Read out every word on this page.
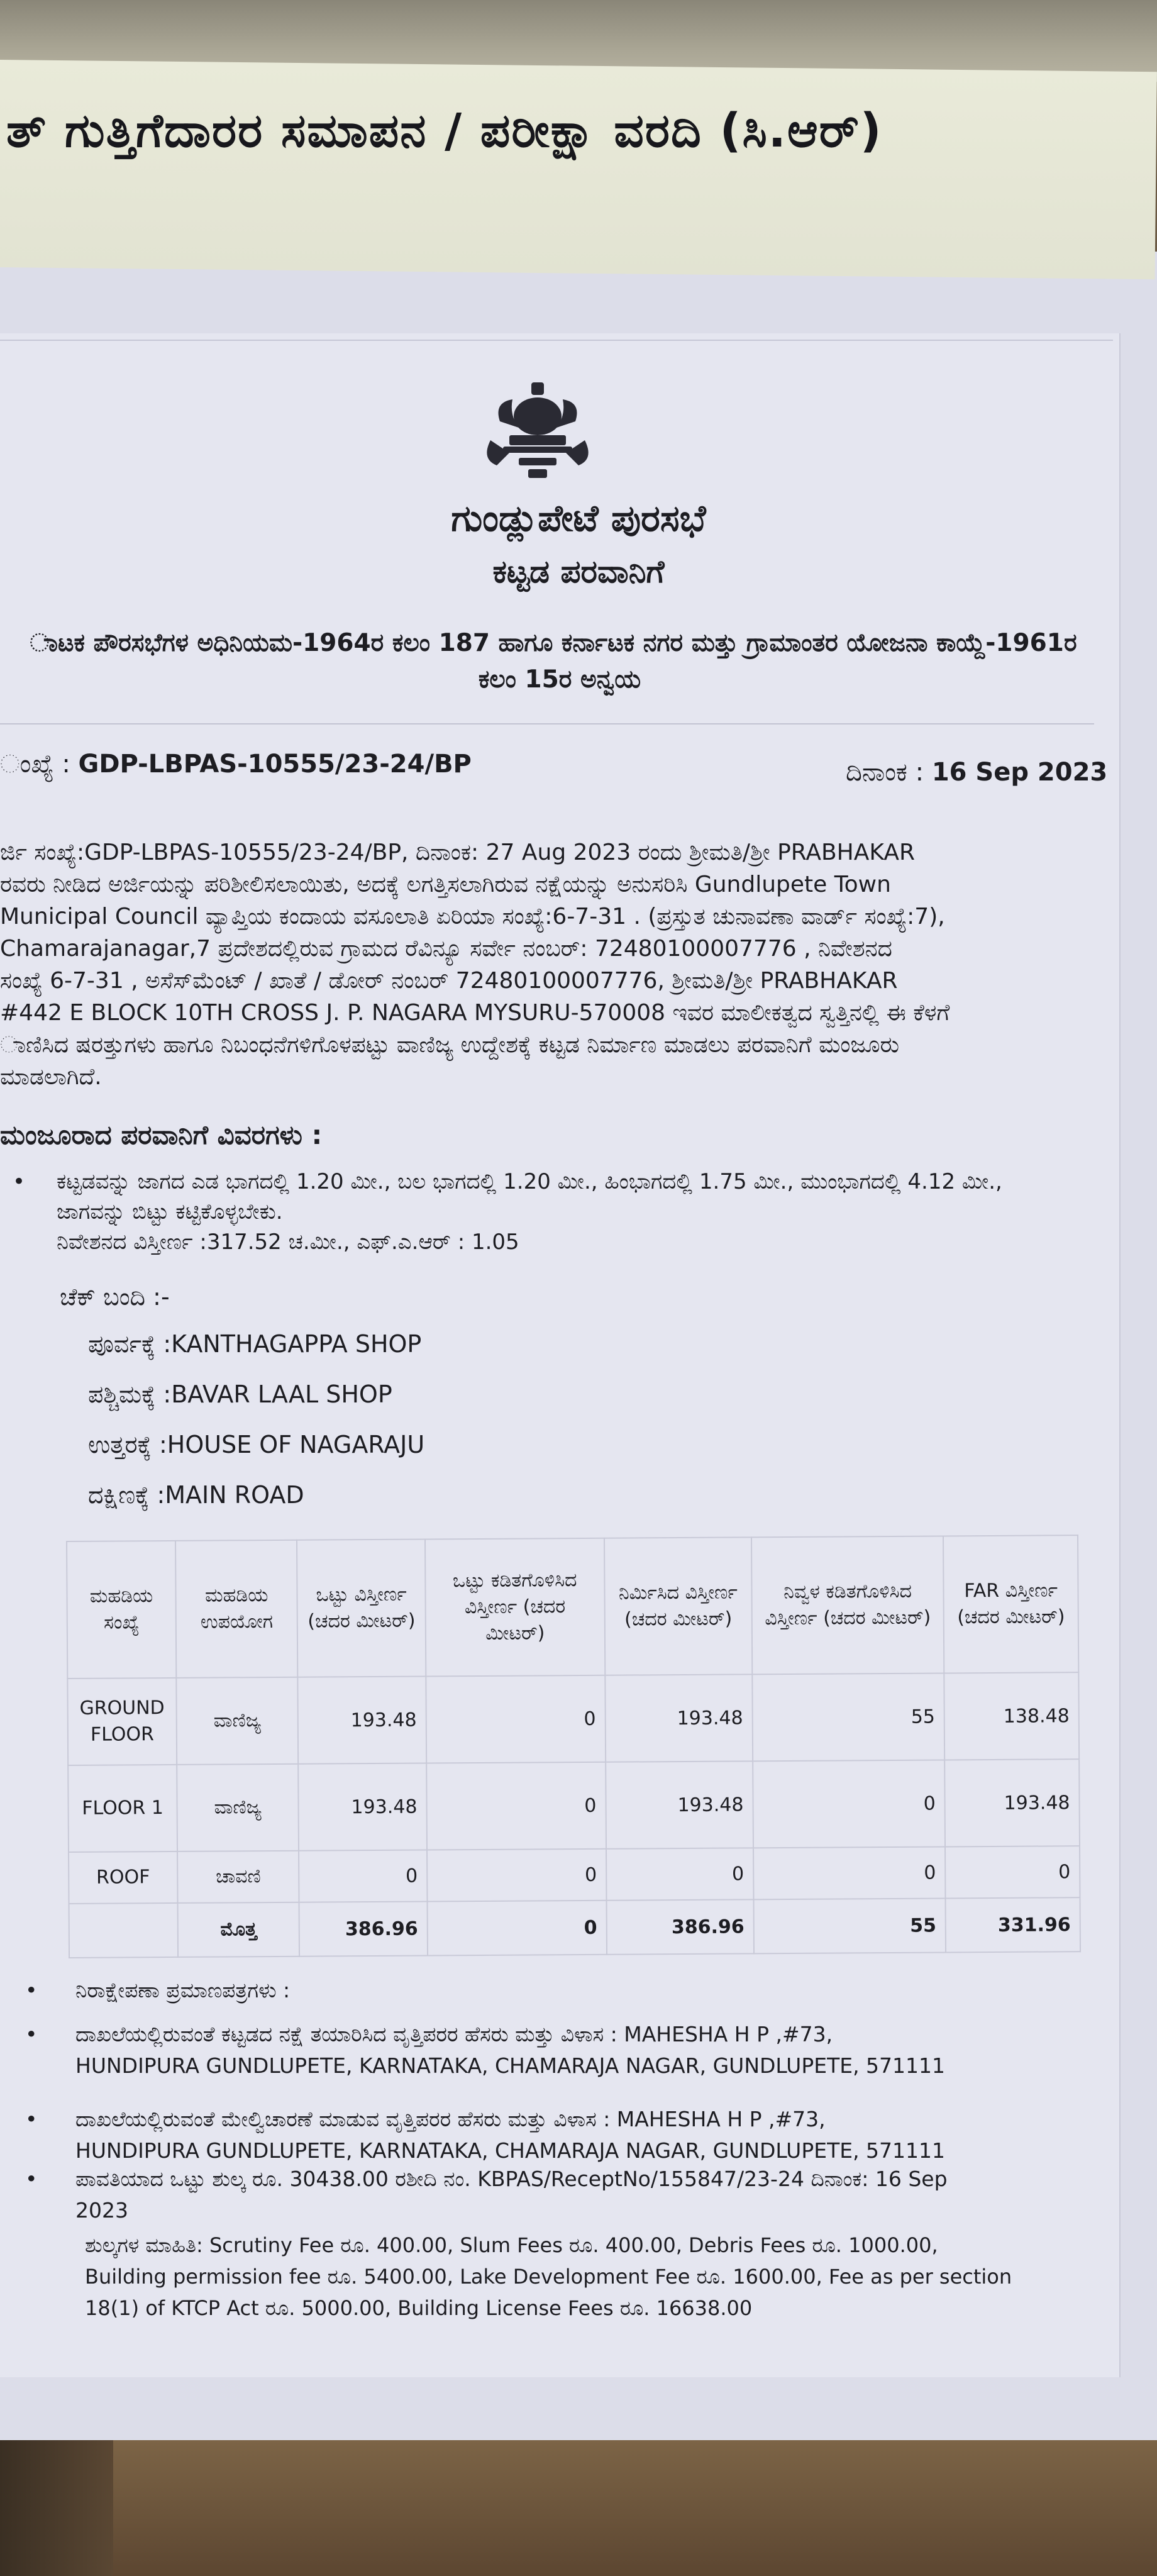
ತ್ ಗುತ್ತಿಗೆದಾರರ ಸಮಾಪನ / ಪರೀಕ್ಷಾ ವರದಿ (ಸಿ.ಆರ್)
ಗುಂಡ್ಲುಪೇಟೆ ಪುರಸಭೆ
ಕಟ್ಟಡ ಪರವಾನಿಗೆ
ಾಟಕ ಪೌರಸಭೆಗಳ ಅಧಿನಿಯಮ-1964ರ ಕಲಂ 187 ಹಾಗೂ ಕರ್ನಾಟಕ ನಗರ ಮತ್ತು ಗ್ರಾಮಾಂತರ ಯೋಜನಾ ಕಾಯ್ದೆ-1961ರ
ಕಲಂ 15ರ ಅನ್ವಯ
ಂಖ್ಯೆ : GDP-LBPAS-10555/23-24/BP	ದಿನಾಂಕ : 16 Sep 2023
ರ್ಜಿ ಸಂಖ್ಯೆ:GDP-LBPAS-10555/23-24/BP, ದಿನಾಂಕ: 27 Aug 2023 ರಂದು ಶ್ರೀಮತಿ/ಶ್ರೀ PRABHAKAR
ರವರು ನೀಡಿದ ಅರ್ಜಿಯನ್ನು ಪರಿಶೀಲಿಸಲಾಯಿತು, ಅದಕ್ಕೆ ಲಗತ್ತಿಸಲಾಗಿರುವ ನಕ್ಷೆಯನ್ನು ಅನುಸರಿಸಿ Gundlupete Town
Municipal Council ವ್ಯಾಪ್ತಿಯ ಕಂದಾಯ ವಸೂಲಾತಿ ಏರಿಯಾ ಸಂಖ್ಯೆ:6-7-31 . (ಪ್ರಸ್ತುತ ಚುನಾವಣಾ ವಾರ್ಡ್ ಸಂಖ್ಯೆ:7),
Chamarajanagar,7 ಪ್ರದೇಶದಲ್ಲಿರುವ ಗ್ರಾಮದ ರೆವಿನ್ಯೂ ಸರ್ವೇ ನಂಬರ್: 72480100007776 , ನಿವೇಶನದ
ಸಂಖ್ಯೆ 6-7-31 , ಅಸೆಸ್‌ಮೆಂಟ್ / ಖಾತೆ / ಡೋರ್ ನಂಬರ್ 72480100007776, ಶ್ರೀಮತಿ/ಶ್ರೀ PRABHAKAR
#442 E BLOCK 10TH CROSS J. P. NAGARA MYSURU-570008 ಇವರ ಮಾಲೀಕತ್ವದ ಸ್ವತ್ತಿನಲ್ಲಿ ಈ ಕೆಳಗೆ
ಾಣಿಸಿದ ಷರತ್ತುಗಳು ಹಾಗೂ ನಿಬಂಧನೆಗಳಿಗೊಳಪಟ್ಟು ವಾಣಿಜ್ಯ ಉದ್ದೇಶಕ್ಕೆ ಕಟ್ಟಡ ನಿರ್ಮಾಣ ಮಾಡಲು ಪರವಾನಿಗೆ ಮಂಜೂರು
ಮಾಡಲಾಗಿದೆ.
ಮಂಜೂರಾದ ಪರವಾನಿಗೆ ವಿವರಗಳು :
• ಕಟ್ಟಡವನ್ನು ಜಾಗದ ಎಡ ಭಾಗದಲ್ಲಿ 1.20 ಮೀ., ಬಲ ಭಾಗದಲ್ಲಿ 1.20 ಮೀ., ಹಿಂಭಾಗದಲ್ಲಿ 1.75 ಮೀ., ಮುಂಭಾಗದಲ್ಲಿ 4.12 ಮೀ.,
ಜಾಗವನ್ನು ಬಿಟ್ಟು ಕಟ್ಟಿಕೊಳ್ಳಬೇಕು.
ನಿವೇಶನದ ವಿಸ್ತೀರ್ಣ :317.52 ಚ.ಮೀ., ಎಫ್.ಎ.ಆರ್ : 1.05
ಚೆಕ್ ಬಂದಿ :-
ಪೂರ್ವಕ್ಕೆ :KANTHAGAPPA SHOP
ಪಶ್ಚಿಮಕ್ಕೆ :BAVAR LAAL SHOP
ಉತ್ತರಕ್ಕೆ :HOUSE OF NAGARAJU
ದಕ್ಷಿಣಕ್ಕೆ :MAIN ROAD
ಮಹಡಿಯ ಸಂಖ್ಯೆ	ಮಹಡಿಯ ಉಪಯೋಗ	ಒಟ್ಟು ವಿಸ್ತೀರ್ಣ (ಚದರ ಮೀಟರ್)	ಒಟ್ಟು ಕಡಿತಗೊಳಿಸಿದ ವಿಸ್ತೀರ್ಣ (ಚದರ ಮೀಟರ್)	ನಿರ್ಮಿಸಿದ ವಿಸ್ತೀರ್ಣ (ಚದರ ಮೀಟರ್)	ನಿವ್ವಳ ಕಡಿತಗೊಳಿಸಿದ ವಿಸ್ತೀರ್ಣ (ಚದರ ಮೀಟರ್)	FAR ವಿಸ್ತೀರ್ಣ (ಚದರ ಮೀಟರ್)
GROUND FLOOR	ವಾಣಿಜ್ಯ	193.48	0	193.48	55	138.48
FLOOR 1	ವಾಣಿಜ್ಯ	193.48	0	193.48	0	193.48
ROOF	ಚಾವಣಿ	0	0	0	0	0
	ಮೊತ್ತ	386.96	0	386.96	55	331.96
• ನಿರಾಕ್ಷೇಪಣಾ ಪ್ರಮಾಣಪತ್ರಗಳು :
• ದಾಖಲೆಯಲ್ಲಿರುವಂತೆ ಕಟ್ಟಡದ ನಕ್ಷೆ ತಯಾರಿಸಿದ ವೃತ್ತಿಪರರ ಹೆಸರು ಮತ್ತು ವಿಳಾಸ : MAHESHA H P ,#73,
HUNDIPURA GUNDLUPETE, KARNATAKA, CHAMARAJA NAGAR, GUNDLUPETE, 571111
• ದಾಖಲೆಯಲ್ಲಿರುವಂತೆ ಮೇಲ್ವಿಚಾರಣೆ ಮಾಡುವ ವೃತ್ತಿಪರರ ಹೆಸರು ಮತ್ತು ವಿಳಾಸ : MAHESHA H P ,#73,
HUNDIPURA GUNDLUPETE, KARNATAKA, CHAMARAJA NAGAR, GUNDLUPETE, 571111
• ಪಾವತಿಯಾದ ಒಟ್ಟು ಶುಲ್ಕ ರೂ. 30438.00 ರಶೀದಿ ನಂ. KBPAS/ReceptNo/155847/23-24 ದಿನಾಂಕ: 16 Sep
2023
ಶುಲ್ಕಗಳ ಮಾಹಿತಿ: Scrutiny Fee ರೂ. 400.00, Slum Fees ರೂ. 400.00, Debris Fees ರೂ. 1000.00,
Building permission fee ರೂ. 5400.00, Lake Development Fee ರೂ. 1600.00, Fee as per section
18(1) of KTCP Act ರೂ. 5000.00, Building License Fees ರೂ. 16638.00
